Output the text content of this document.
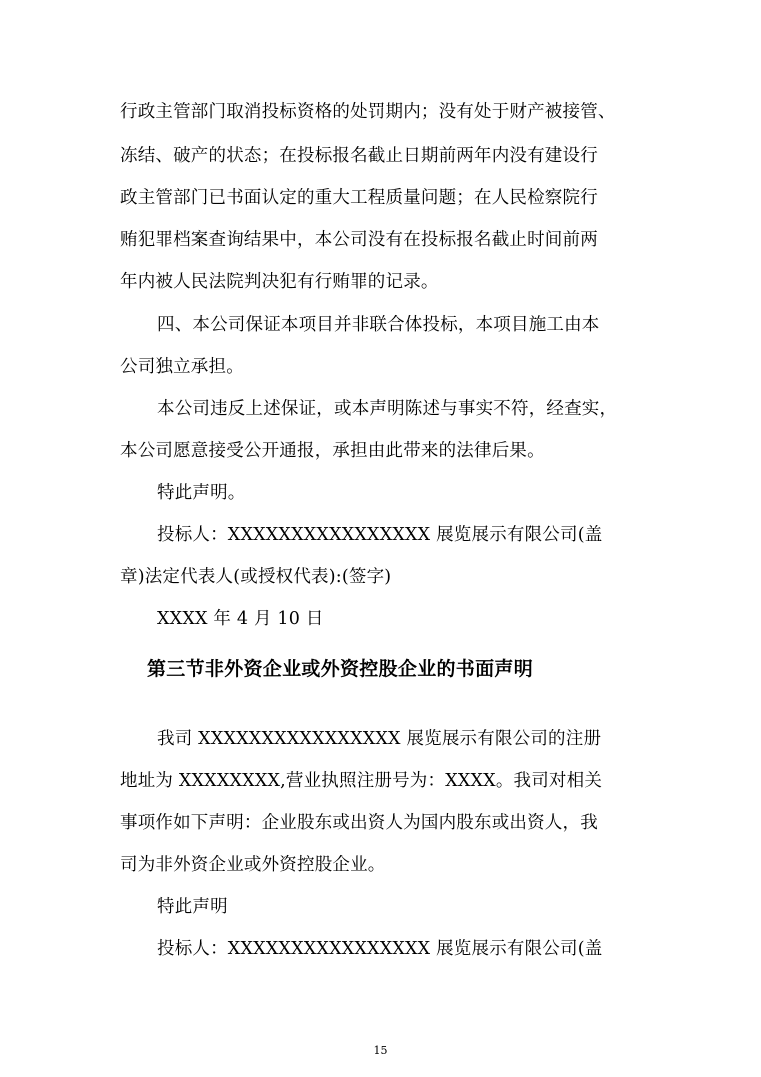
行政主管部门取消投标资格的处罚期内；没有处于财产被接管、
冻结、破产的状态；在投标报名截止日期前两年内没有建设行
政主管部门已书面认定的重大工程质量问题；在人民检察院行
贿犯罪档案查询结果中，本公司没有在投标报名截止时间前两
年内被人民法院判决犯有行贿罪的记录。
四、本公司保证本项目并非联合体投标，本项目施工由本
公司独立承担。
本公司违反上述保证，或本声明陈述与事实不符，经查实，
本公司愿意接受公开通报，承担由此带来的法律后果。
特此声明。
投标人：XXXXXXXXXXXXXXXX 展览展示有限公司(盖
章)法定代表人(或授权代表):(签字)
XXXX 年 4 月 10 日
第三节非外资企业或外资控股企业的书面声明
我司 XXXXXXXXXXXXXXXX 展览展示有限公司的注册
地址为 XXXXXXXX,营业执照注册号为：XXXX。我司对相关
事项作如下声明：企业股东或出资人为国内股东或出资人，我
司为非外资企业或外资控股企业。
特此声明
投标人：XXXXXXXXXXXXXXXX 展览展示有限公司(盖
15
